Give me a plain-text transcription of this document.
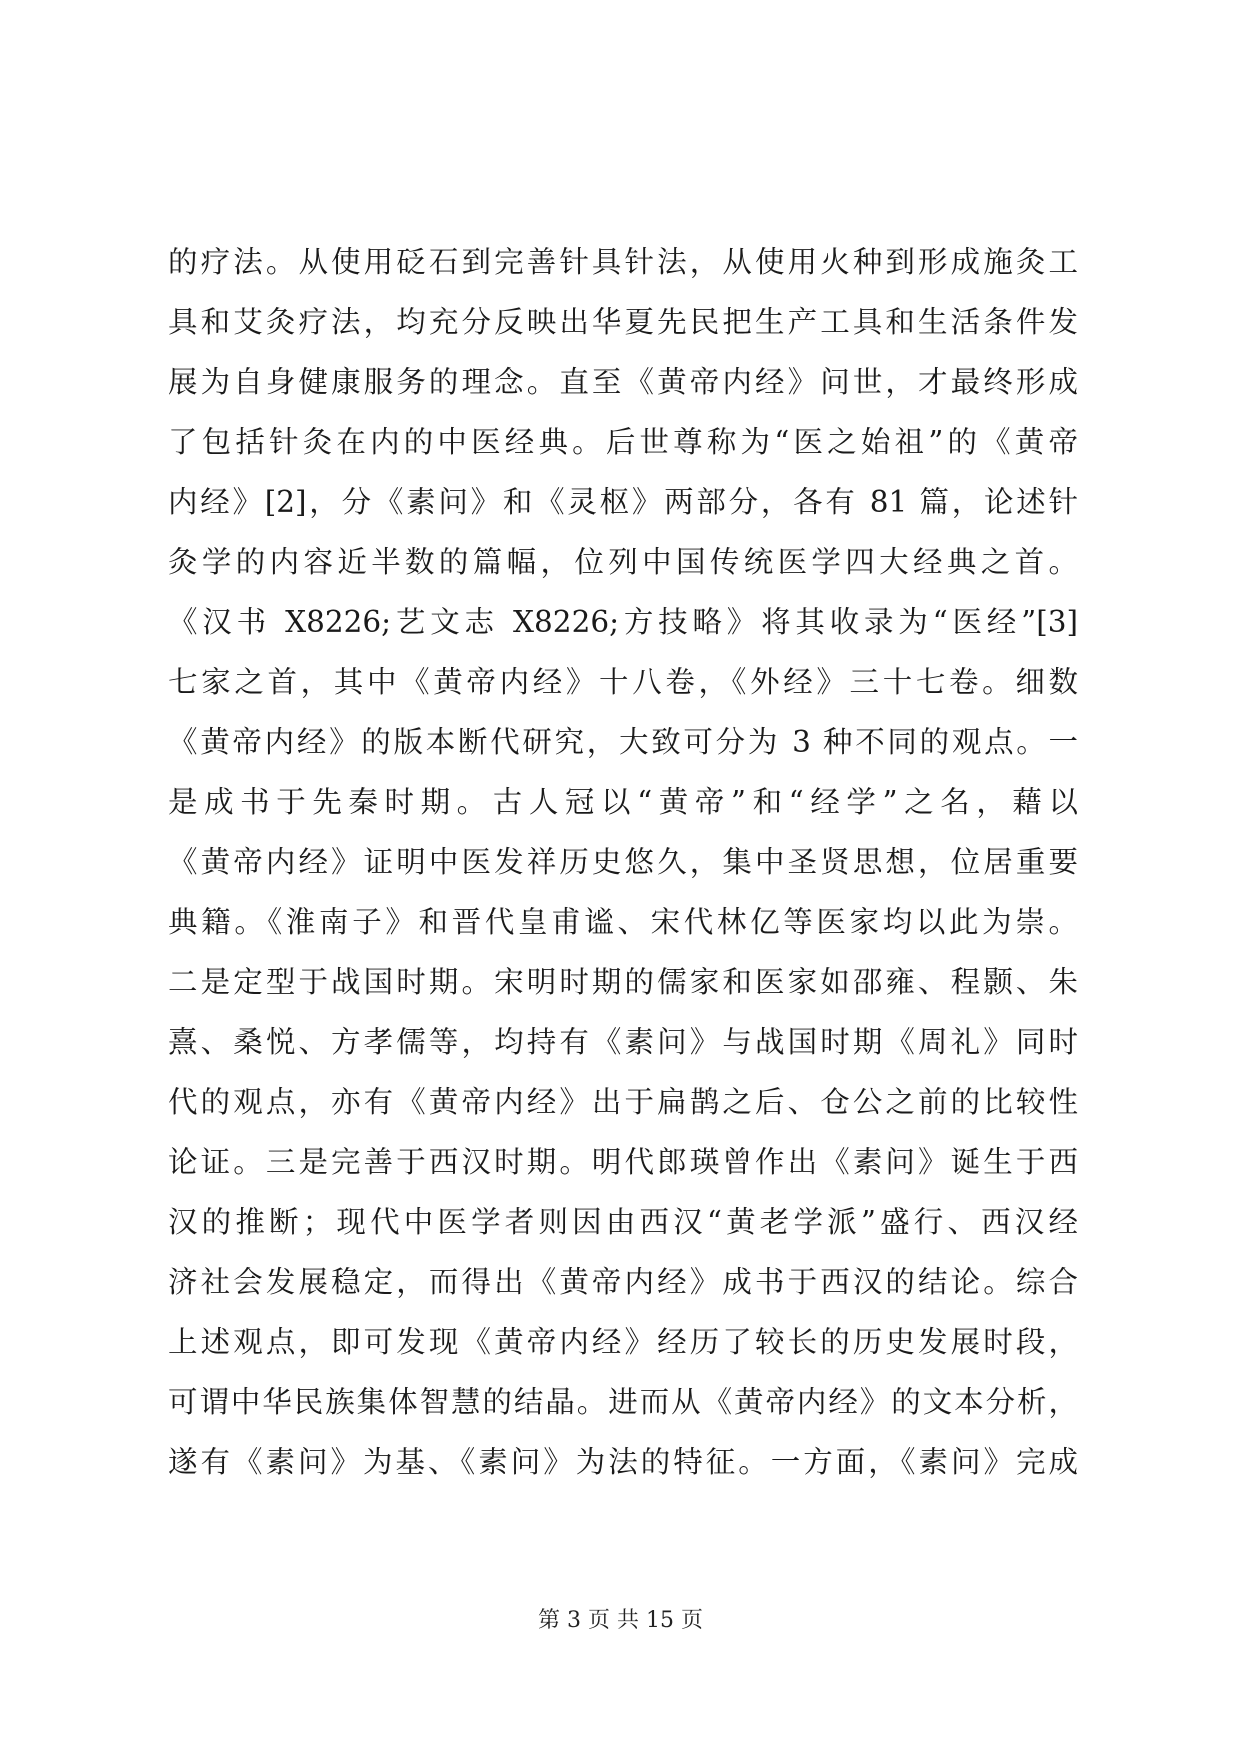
的疗法。从使用砭石到完善针具针法，从使用火种到形成施灸工
具和艾灸疗法，均充分反映出华夏先民把生产工具和生活条件发
展为自身健康服务的理念。直至《黄帝内经》问世，才最终形成
了包括针灸在内的中医经典。后世尊称为“医之始祖”的《黄帝
内经》[2]，分《素问》和《灵枢》两部分，各有 81 篇，论述针
灸学的内容近半数的篇幅，位列中国传统医学四大经典之首。
《汉书 X8226;艺文志 X8226;方技略》将其收录为“医经”[3]
七家之首，其中《黄帝内经》十八卷，《外经》三十七卷。细数
《黄帝内经》的版本断代研究，大致可分为 3 种不同的观点。一
是成书于先秦时期。古人冠以“黄帝”和“经学”之名，藉以
《黄帝内经》证明中医发祥历史悠久，集中圣贤思想，位居重要
典籍。《淮南子》和晋代皇甫谧、宋代林亿等医家均以此为崇。
二是定型于战国时期。宋明时期的儒家和医家如邵雍、程颢、朱
熹、桑悦、方孝儒等，均持有《素问》与战国时期《周礼》同时
代的观点，亦有《黄帝内经》出于扁鹊之后、仓公之前的比较性
论证。三是完善于西汉时期。明代郎瑛曾作出《素问》诞生于西
汉的推断；现代中医学者则因由西汉“黄老学派”盛行、西汉经
济社会发展稳定，而得出《黄帝内经》成书于西汉的结论。综合
上述观点，即可发现《黄帝内经》经历了较长的历史发展时段，
可谓中华民族集体智慧的结晶。进而从《黄帝内经》的文本分析，
遂有《素问》为基、《素问》为法的特征。一方面，《素问》完成
第 3 页 共 15 页
